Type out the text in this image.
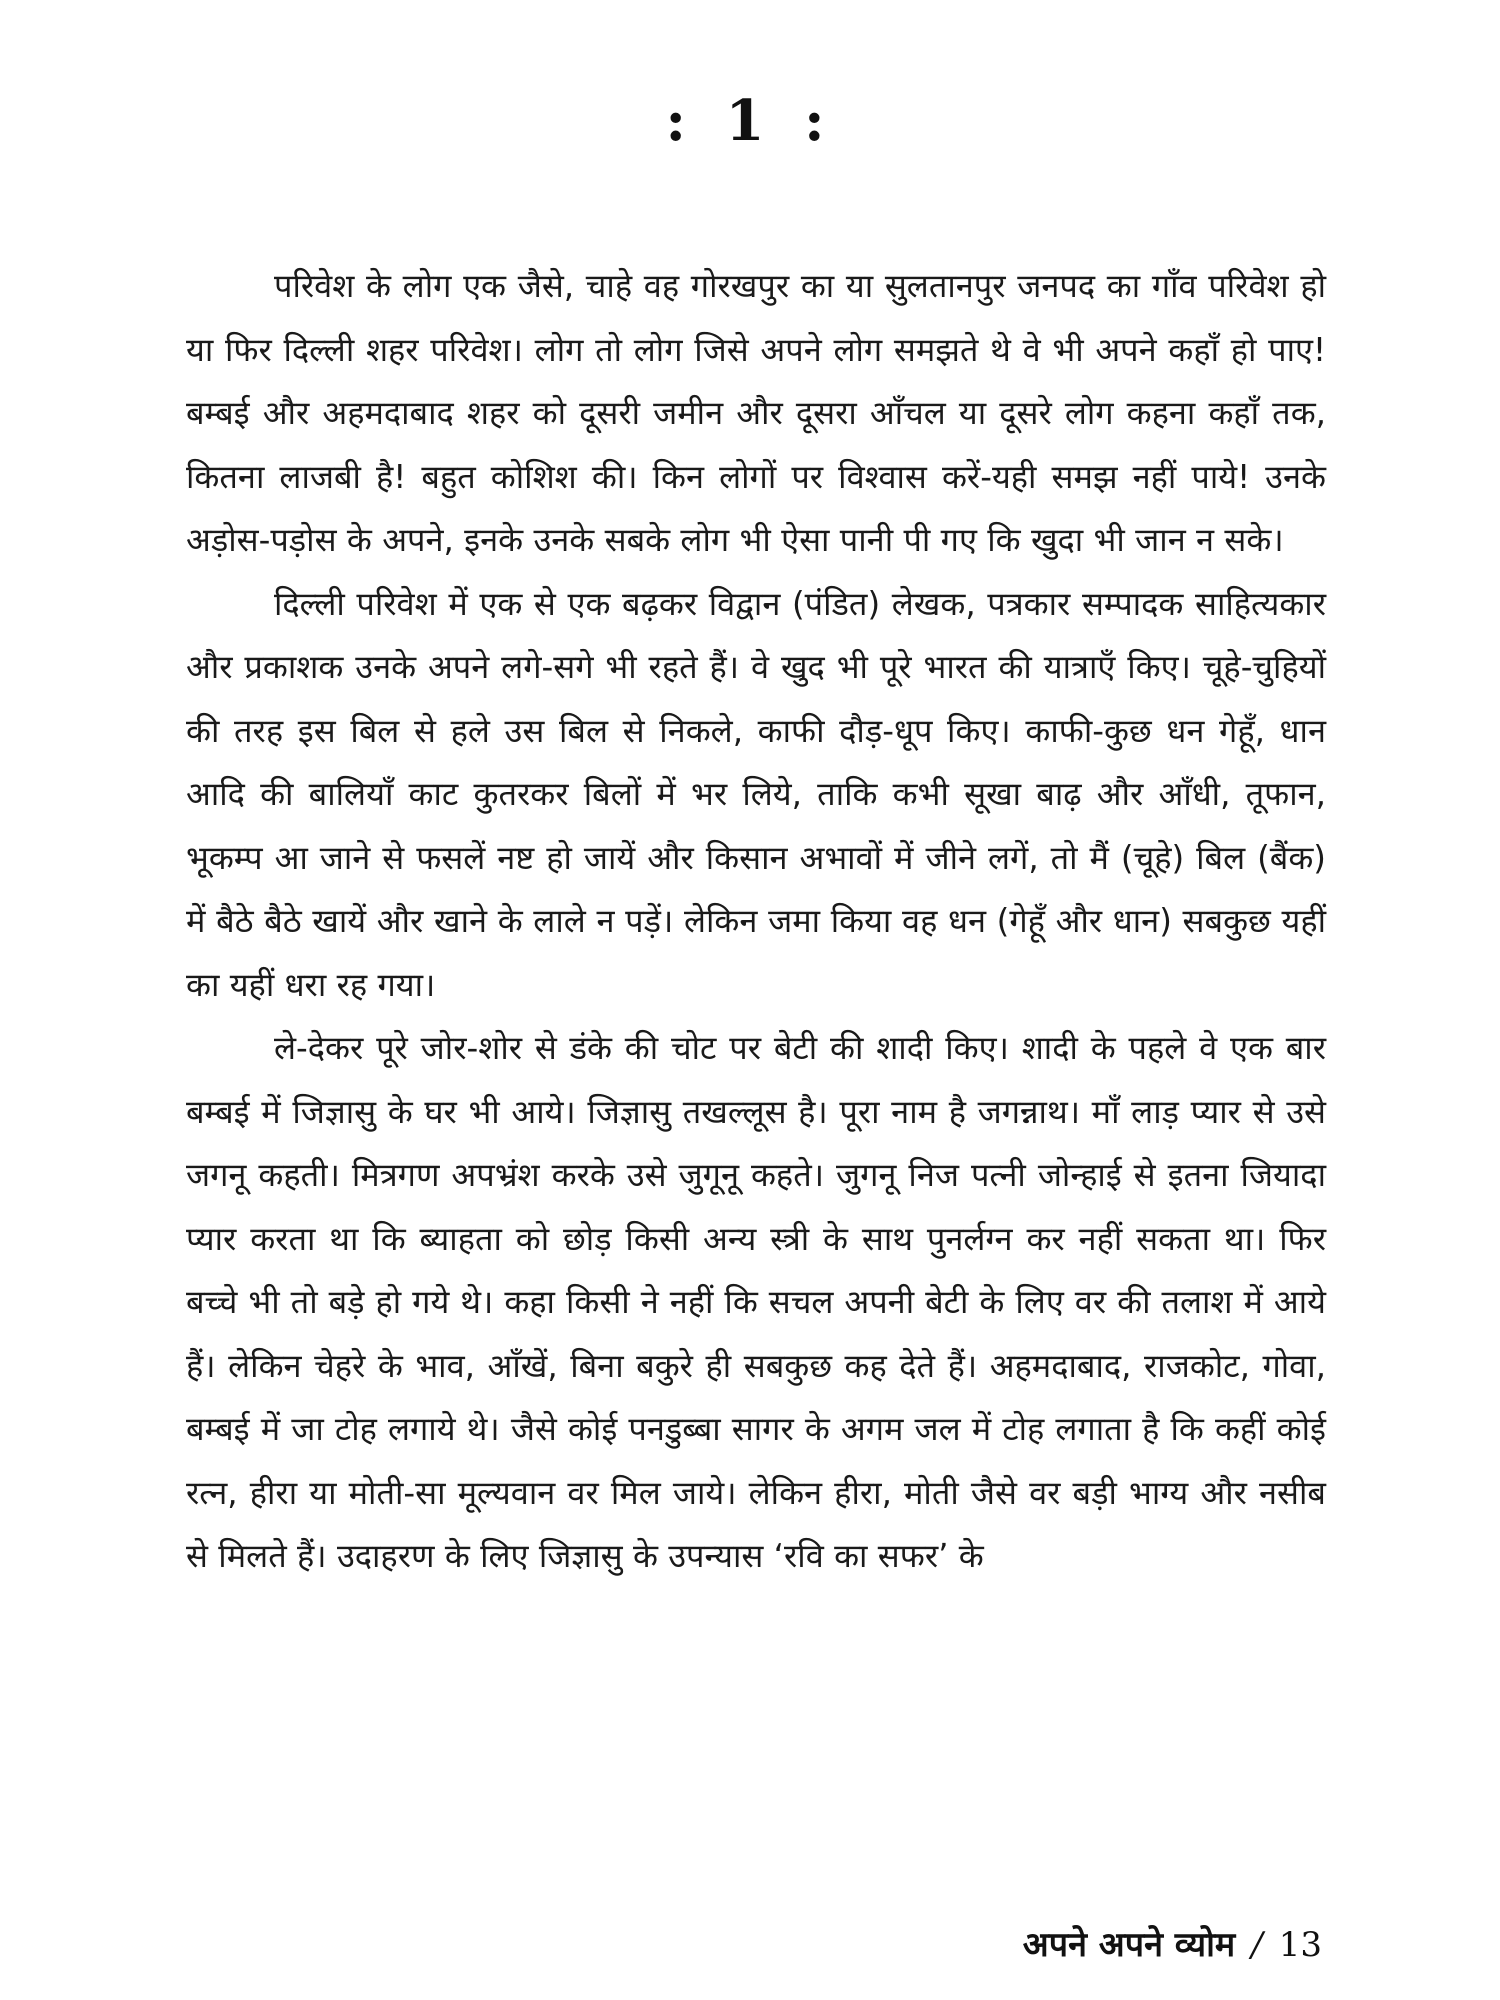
: 1 :

परिवेश के लोग एक जैसे, चाहे वह गोरखपुर का या सुलतानपुर जनपद का गाँव परिवेश हो या फिर दिल्ली शहर परिवेश। लोग तो लोग जिसे अपने लोग समझते थे वे भी अपने कहाँ हो पाए! बम्बई और अहमदाबाद शहर को दूसरी जमीन और दूसरा आँचल या दूसरे लोग कहना कहाँ तक, कितना लाजबी है! बहुत कोशिश की। किन लोगों पर विश्वास करें-यही समझ नहीं पाये! उनके अड़ोस-पड़ोस के अपने, इनके उनके सबके लोग भी ऐसा पानी पी गए कि खुदा भी जान न सके।

दिल्ली परिवेश में एक से एक बढ़कर विद्वान (पंडित) लेखक, पत्रकार सम्पादक साहित्यकार और प्रकाशक उनके अपने लगे-सगे भी रहते हैं। वे खुद भी पूरे भारत की यात्राएँ किए। चूहे-चुहियों की तरह इस बिल से हले उस बिल से निकले, काफी दौड़-धूप किए। काफी-कुछ धन गेहूँ, धान आदि की बालियाँ काट कुतरकर बिलों में भर लिये, ताकि कभी सूखा बाढ़ और आँधी, तूफान, भूकम्प आ जाने से फसलें नष्ट हो जायें और किसान अभावों में जीने लगें, तो मैं (चूहे) बिल (बैंक) में बैठे बैठे खायें और खाने के लाले न पड़ें। लेकिन जमा किया वह धन (गेहूँ और धान) सबकुछ यहीं का यहीं धरा रह गया।

ले-देकर पूरे जोर-शोर से डंके की चोट पर बेटी की शादी किए। शादी के पहले वे एक बार बम्बई में जिज्ञासु के घर भी आये। जिज्ञासु तखल्लूस है। पूरा नाम है जगन्नाथ। माँ लाड़ प्यार से उसे जगनू कहती। मित्रगण अपभ्रंश करके उसे जुगूनू कहते। जुगनू निज पत्नी जोन्हाई से इतना जियादा प्यार करता था कि ब्याहता को छोड़ किसी अन्य स्त्री के साथ पुनर्लग्न कर नहीं सकता था। फिर बच्चे भी तो बड़े हो गये थे। कहा किसी ने नहीं कि सचल अपनी बेटी के लिए वर की तलाश में आये हैं। लेकिन चेहरे के भाव, आँखें, बिना बकुरे ही सबकुछ कह देते हैं। अहमदाबाद, राजकोट, गोवा, बम्बई में जा टोह लगाये थे। जैसे कोई पनडुब्बा सागर के अगम जल में टोह लगाता है कि कहीं कोई रत्न, हीरा या मोती-सा मूल्यवान वर मिल जाये। लेकिन हीरा, मोती जैसे वर बड़ी भाग्य और नसीब से मिलते हैं। उदाहरण के लिए जिज्ञासु के उपन्यास ‘रवि का सफर’ के

अपने अपने व्योम / 13
